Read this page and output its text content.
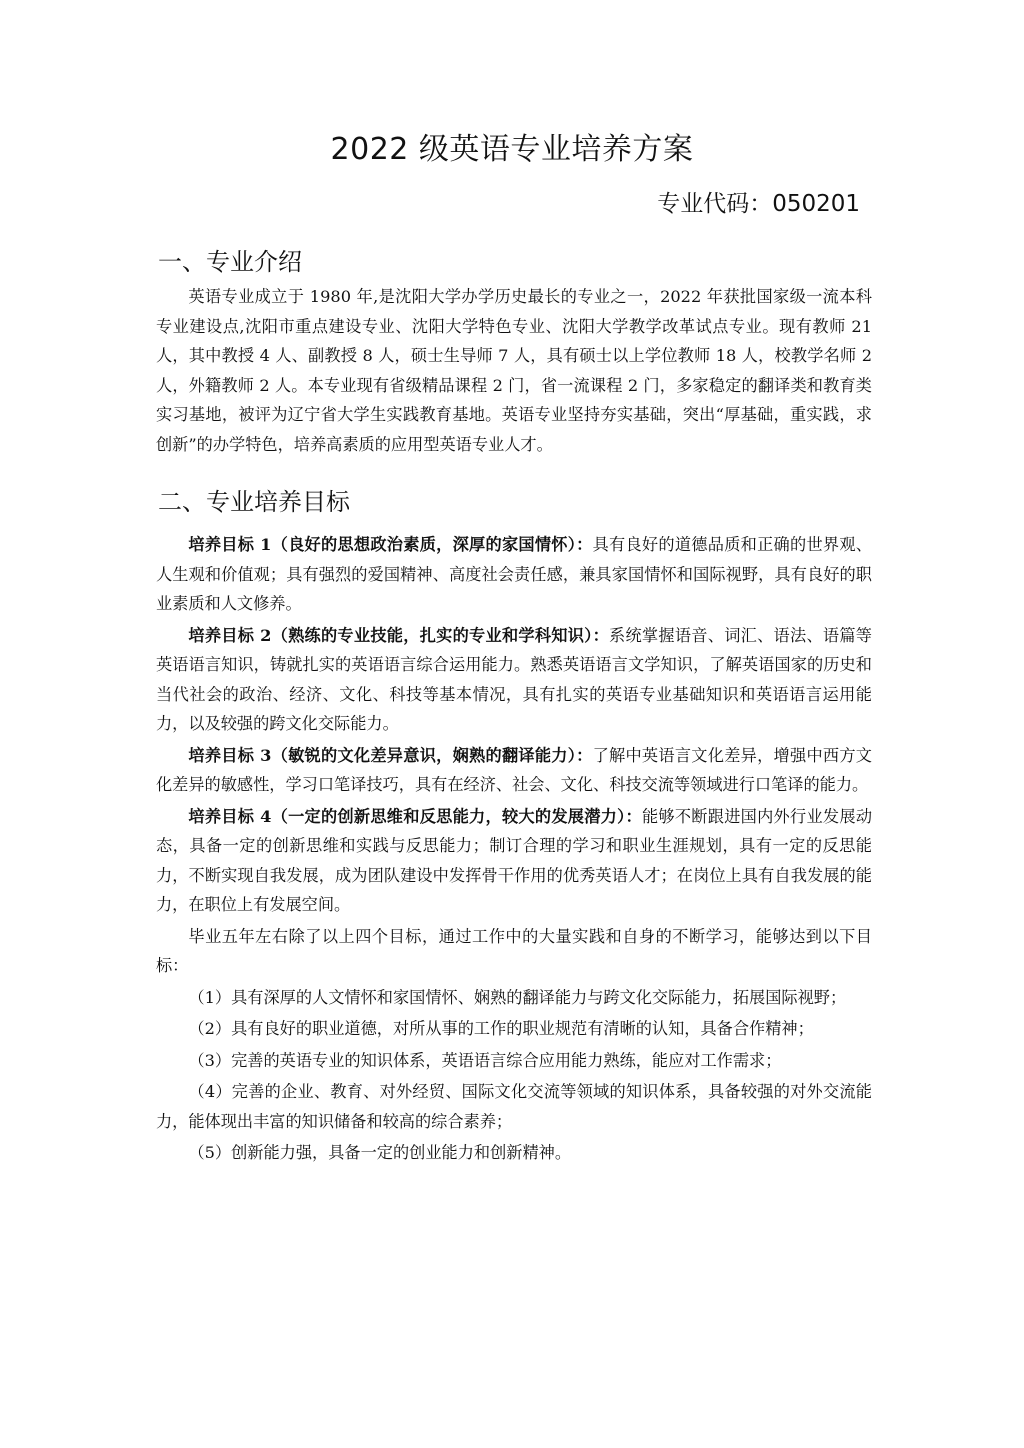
2022 级英语专业培养方案
专业代码：050201
一、专业介绍

英语专业成立于 1980 年,是沈阳大学办学历史最长的专业之一，2022 年获批国家级一流本科专业建设点,沈阳市重点建设专业、沈阳大学特色专业、沈阳大学教学改革试点专业。现有教师 21 人，其中教授 4 人、副教授 8 人，硕士生导师 7 人，具有硕士以上学位教师 18 人，校教学名师 2 人，外籍教师 2 人。本专业现有省级精品课程 2 门，省一流课程 2 门，多家稳定的翻译类和教育类实习基地，被评为辽宁省大学生实践教育基地。英语专业坚持夯实基础，突出“厚基础，重实践，求创新”的办学特色，培养高素质的应用型英语专业人才。

二、专业培养目标

培养目标 1（良好的思想政治素质，深厚的家国情怀）：具有良好的道德品质和正确的世界观、人生观和价值观；具有强烈的爱国精神、高度社会责任感，兼具家国情怀和国际视野，具有良好的职业素质和人文修养。

培养目标 2（熟练的专业技能，扎实的专业和学科知识）：系统掌握语音、词汇、语法、语篇等英语语言知识，铸就扎实的英语语言综合运用能力。熟悉英语语言文学知识，了解英语国家的历史和当代社会的政治、经济、文化、科技等基本情况，具有扎实的英语专业基础知识和英语语言运用能力，以及较强的跨文化交际能力。

培养目标 3（敏锐的文化差异意识，娴熟的翻译能力）：了解中英语言文化差异，增强中西方文化差异的敏感性，学习口笔译技巧，具有在经济、社会、文化、科技交流等领域进行口笔译的能力。

培养目标 4（一定的创新思维和反思能力，较大的发展潜力）：能够不断跟进国内外行业发展动态，具备一定的创新思维和实践与反思能力；制订合理的学习和职业生涯规划，具有一定的反思能力，不断实现自我发展，成为团队建设中发挥骨干作用的优秀英语人才；在岗位上具有自我发展的能力，在职位上有发展空间。

毕业五年左右除了以上四个目标，通过工作中的大量实践和自身的不断学习，能够达到以下目标：

（1）具有深厚的人文情怀和家国情怀、娴熟的翻译能力与跨文化交际能力，拓展国际视野；

（2）具有良好的职业道德，对所从事的工作的职业规范有清晰的认知，具备合作精神；

（3）完善的英语专业的知识体系，英语语言综合应用能力熟练，能应对工作需求；

（4）完善的企业、教育、对外经贸、国际文化交流等领域的知识体系，具备较强的对外交流能力，能体现出丰富的知识储备和较高的综合素养；

（5）创新能力强，具备一定的创业能力和创新精神。
